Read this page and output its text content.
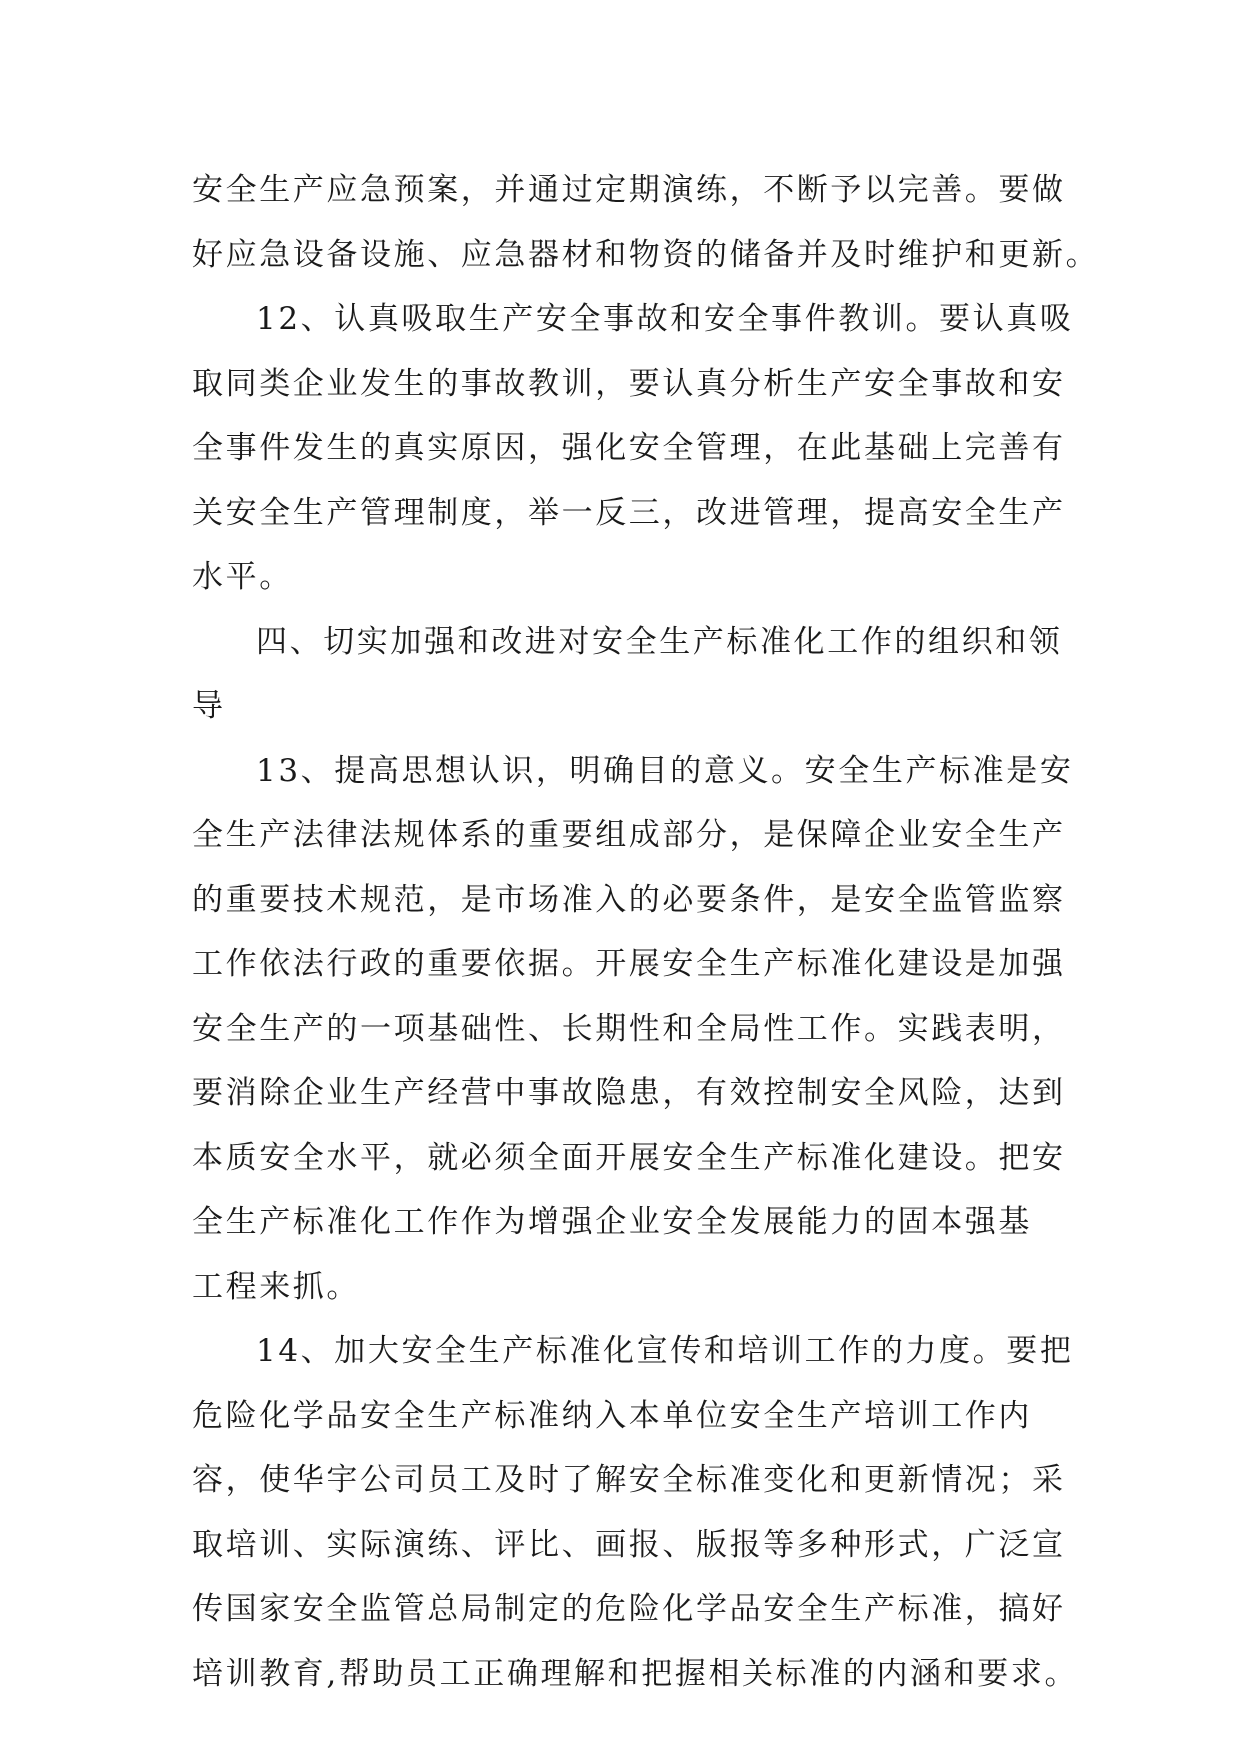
安全生产应急预案，并通过定期演练，不断予以完善。要做
好应急设备设施、应急器材和物资的储备并及时维护和更新。
12、认真吸取生产安全事故和安全事件教训。要认真吸
取同类企业发生的事故教训，要认真分析生产安全事故和安
全事件发生的真实原因，强化安全管理，在此基础上完善有
关安全生产管理制度，举一反三，改进管理，提高安全生产
水平。
四、切实加强和改进对安全生产标准化工作的组织和领
导
13、提高思想认识，明确目的意义。安全生产标准是安
全生产法律法规体系的重要组成部分，是保障企业安全生产
的重要技术规范，是市场准入的必要条件，是安全监管监察
工作依法行政的重要依据。开展安全生产标准化建设是加强
安全生产的一项基础性、长期性和全局性工作。实践表明，
要消除企业生产经营中事故隐患，有效控制安全风险，达到
本质安全水平，就必须全面开展安全生产标准化建设。把安
全生产标准化工作作为增强企业安全发展能力的固本强基
工程来抓。
14、加大安全生产标准化宣传和培训工作的力度。要把
危险化学品安全生产标准纳入本单位安全生产培训工作内
容，使华宇公司员工及时了解安全标准变化和更新情况；采
取培训、实际演练、评比、画报、版报等多种形式，广泛宣
传国家安全监管总局制定的危险化学品安全生产标准，搞好
培训教育,帮助员工正确理解和把握相关标准的内涵和要求。
